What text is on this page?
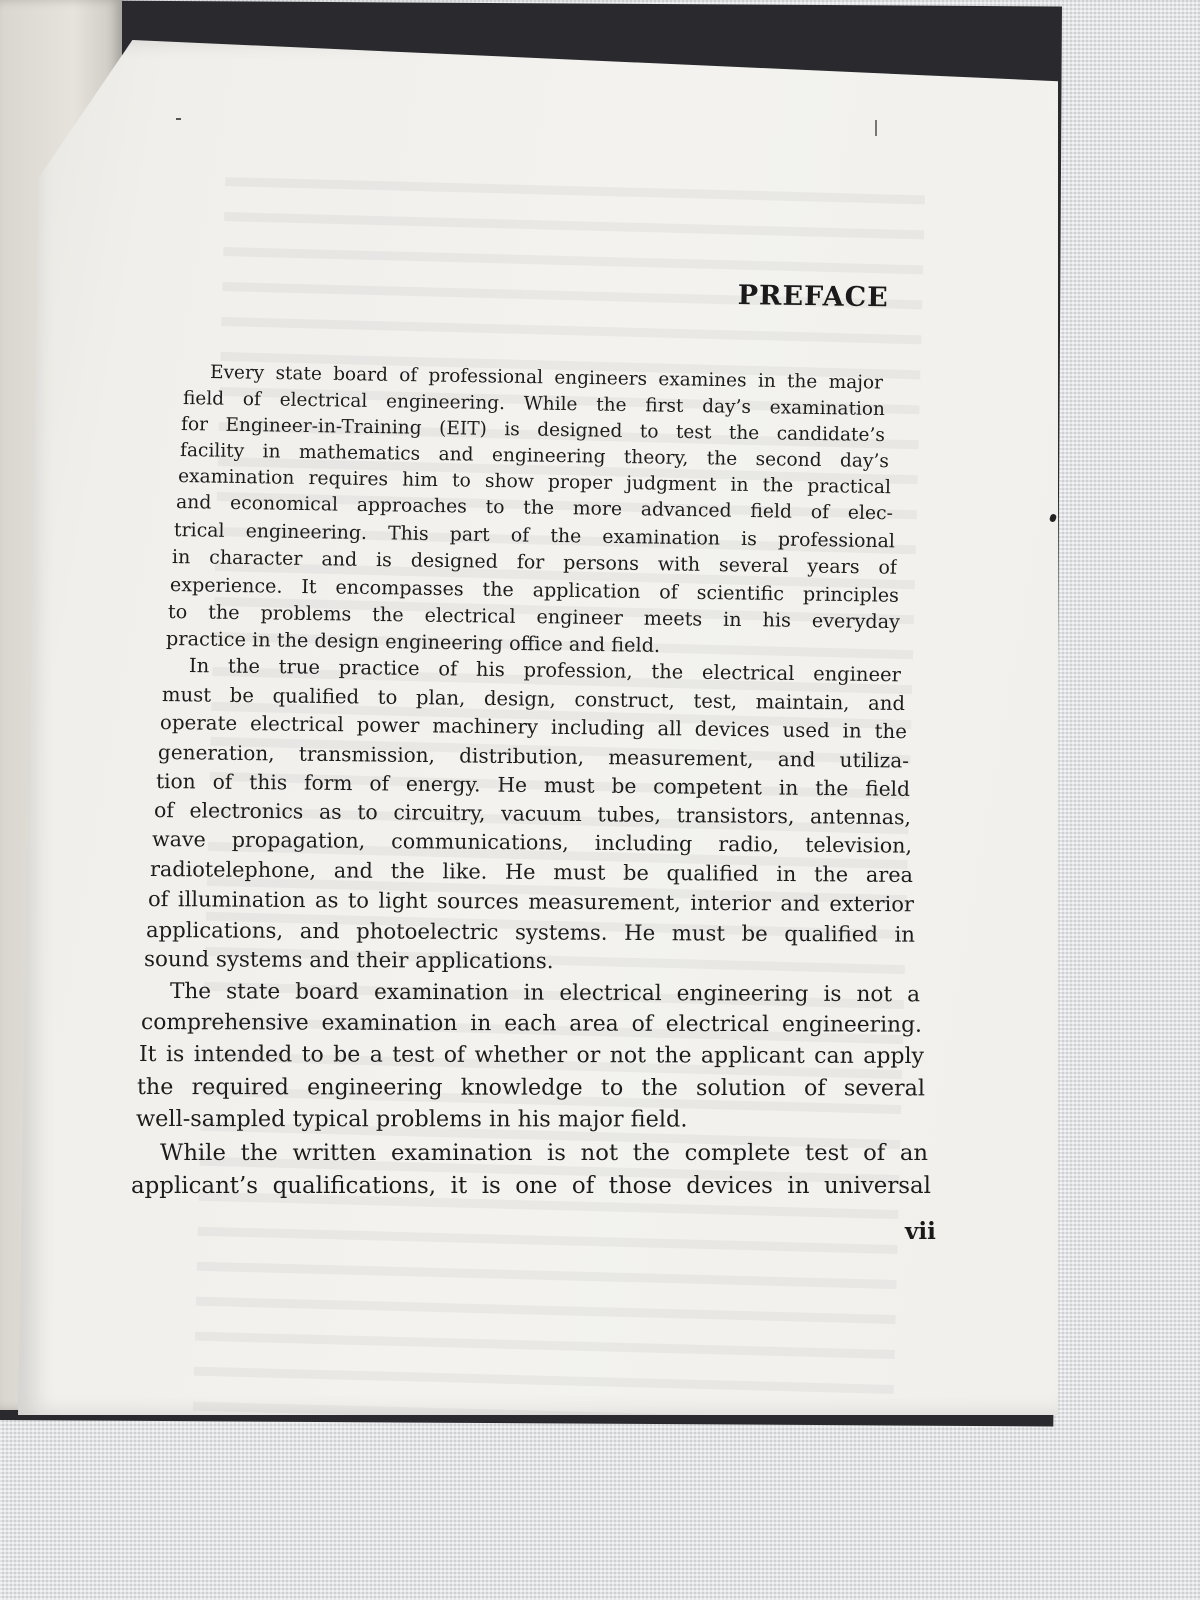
PREFACE
Every state board of professional engineers examines in the major
field of electrical engineering. While the first day’s examination
for Engineer-in-Training (EIT) is designed to test the candidate’s
facility in mathematics and engineering theory, the second day’s
examination requires him to show proper judgment in the practical
and economical approaches to the more advanced field of elec-
trical engineering. This part of the examination is professional
in character and is designed for persons with several years of
experience. It encompasses the application of scientific principles
to the problems the electrical engineer meets in his everyday
practice in the design engineering office and field.
In the true practice of his profession, the electrical engineer
must be qualified to plan, design, construct, test, maintain, and
operate electrical power machinery including all devices used in the
generation, transmission, distribution, measurement, and utiliza-
tion of this form of energy. He must be competent in the field
of electronics as to circuitry, vacuum tubes, transistors, antennas,
wave propagation, communications, including radio, television,
radiotelephone, and the like. He must be qualified in the area
of illumination as to light sources measurement, interior and exterior
applications, and photoelectric systems. He must be qualified in
sound systems and their applications.
The state board examination in electrical engineering is not a
comprehensive examination in each area of electrical engineering.
It is intended to be a test of whether or not the applicant can apply
the required engineering knowledge to the solution of several
well-sampled typical problems in his major field.
While the written examination is not the complete test of an
applicant’s qualifications, it is one of those devices in universal
vii
